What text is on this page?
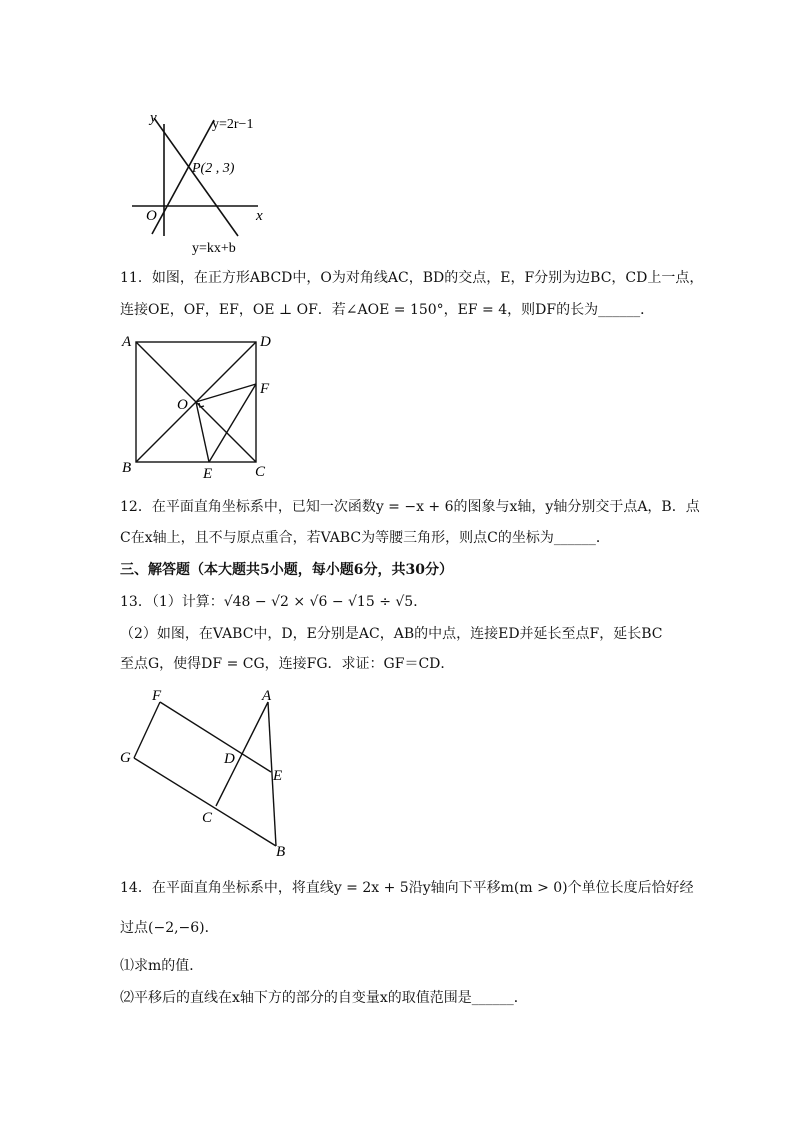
y
x
O
y=2r−1
P(2 , 3)
y=kx+b
11．如图，在正方形ABCD中，O为对角线AC，BD的交点，E，F分别为边BC，CD上一点，
连接OE，OF，EF，OE ⊥ OF．若∠AOE = 150°，EF = 4，则DF的长为______．
A	D
O
F
B	E	C
12．在平面直角坐标系中，已知一次函数y = −x + 6的图象与x轴，y轴分别交于点A，B．点
C在x轴上，且不与原点重合，若VABC为等腰三角形，则点C的坐标为______．
三、解答题（本大题共5小题，每小题6分，共30分）
13．（1）计算：√48 − √2 × √6 − √15 ÷ √5．
（2）如图，在VABC中，D，E分别是AC，AB的中点，连接ED并延长至点F，延长BC
至点G，使得DF = CG，连接FG．求证：GF＝CD．
F	A
G	D
E
C
B
14．在平面直角坐标系中，将直线y = 2x + 5沿y轴向下平移m(m > 0)个单位长度后恰好经
过点(−2,−6)．
⑴求m的值．
⑵平移后的直线在x轴下方的部分的自变量x的取值范围是______．
